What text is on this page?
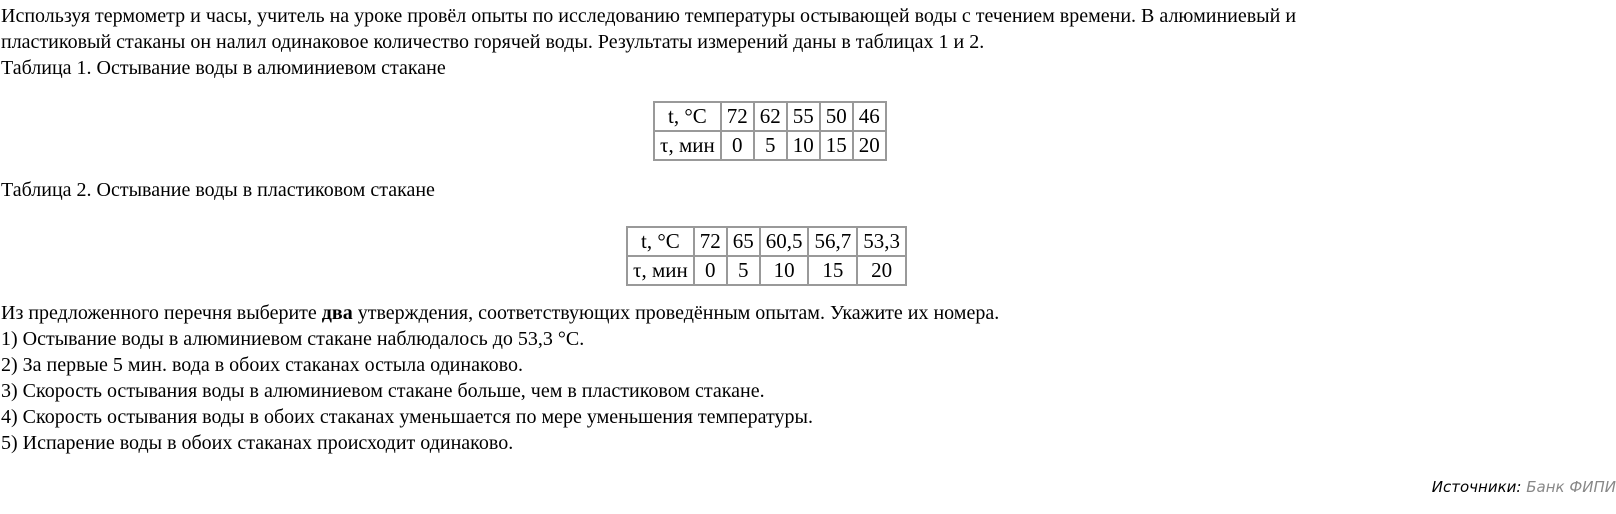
Используя термометр и часы, учитель на уроке провёл опыты по исследованию температуры остывающей воды с течением времени. В алюминиевый и
пластиковый стаканы он налил одинаковое количество горячей воды. Результаты измерений даны в таблицах 1 и 2.
Таблица 1. Остывание воды в алюминиевом стакане
t, °C	72	62	55	50	46
τ, мин	0	5	10	15	20
Таблица 2. Остывание воды в пластиковом стакане
t, °C	72	65	60,5	56,7	53,3
τ, мин	0	5	10	15	20
Из предложенного перечня выберите два утверждения, соответствующих проведённым опытам. Укажите их номера.
1) Остывание воды в алюминиевом стакане наблюдалось до 53,3 °C.
2) За первые 5 мин. вода в обоих стаканах остыла одинаково.
3) Скорость остывания воды в алюминиевом стакане больше, чем в пластиковом стакане.
4) Скорость остывания воды в обоих стаканах уменьшается по мере уменьшения температуры.
5) Испарение воды в обоих стаканах происходит одинаково.
Источники: Банк ФИПИ
